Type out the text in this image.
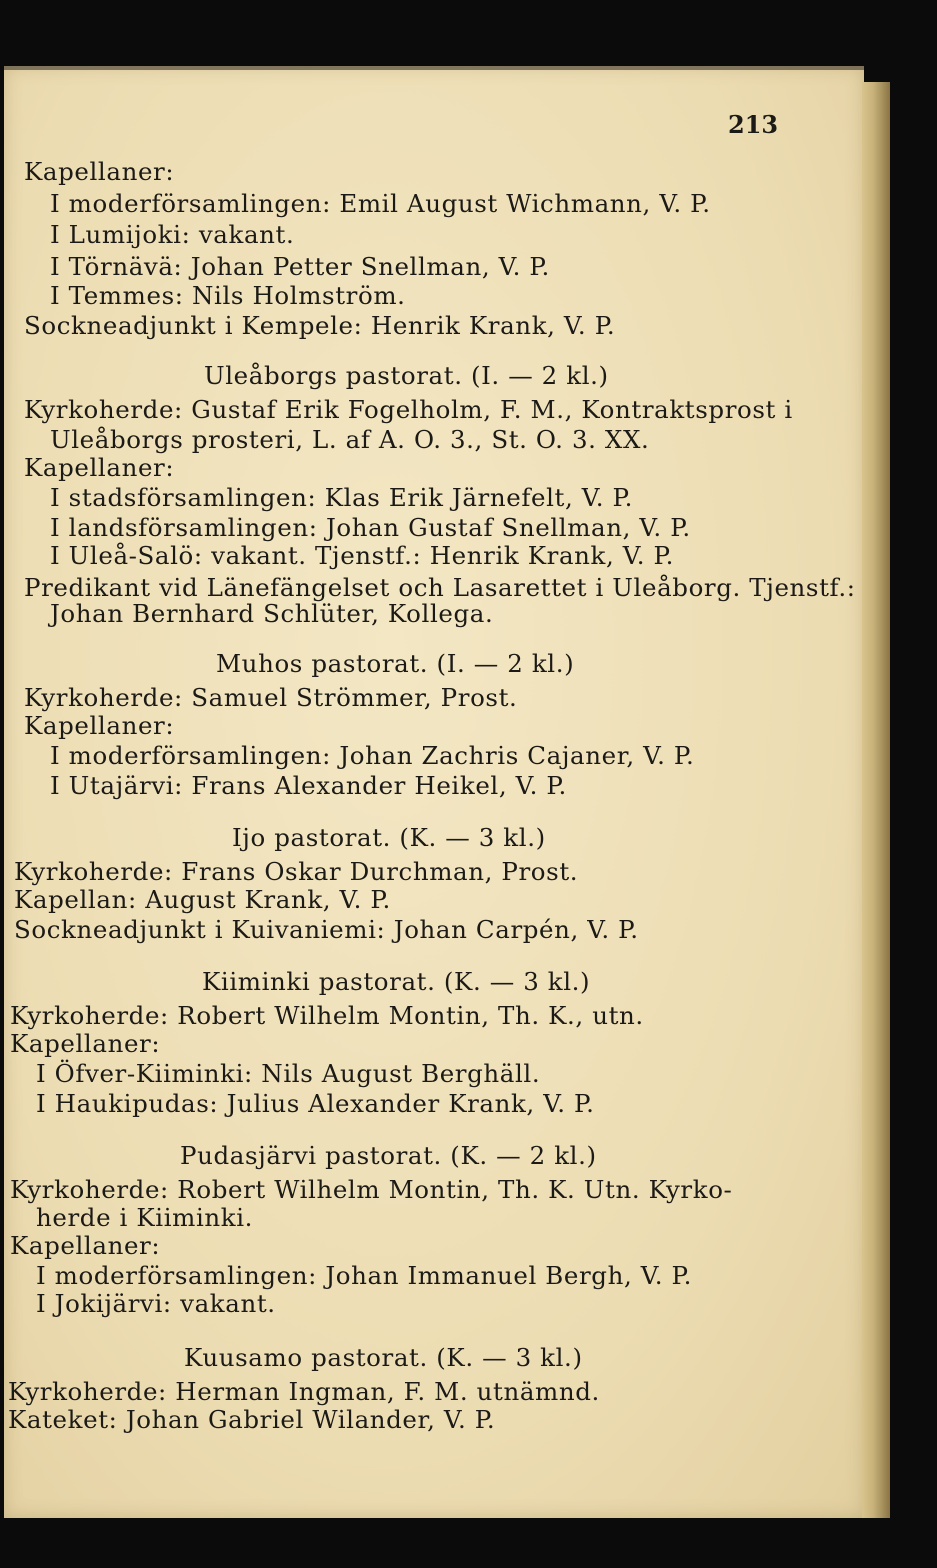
213
Kapellaner:
I moderförsamlingen: Emil August Wichmann, V. P.
I Lumijoki: vakant.
I Törnävä: Johan Petter Snellman, V. P.
I Temmes: Nils Holmström.
Sockneadjunkt i Kempele: Henrik Krank, V. P.
Uleåborgs pastorat. (I. — 2 kl.)
Kyrkoherde: Gustaf Erik Fogelholm, F. M., Kontraktsprost i
Uleåborgs prosteri, L. af A. O. 3., St. O. 3. XX.
Kapellaner:
I stadsförsamlingen: Klas Erik Järnefelt, V. P.
I landsförsamlingen: Johan Gustaf Snellman, V. P.
I Uleå-Salö: vakant. Tjenstf.: Henrik Krank, V. P.
Predikant vid Länefängelset och Lasarettet i Uleåborg. Tjenstf.:
Johan Bernhard Schlüter, Kollega.
Muhos pastorat. (I. — 2 kl.)
Kyrkoherde: Samuel Strömmer, Prost.
Kapellaner:
I moderförsamlingen: Johan Zachris Cajaner, V. P.
I Utajärvi: Frans Alexander Heikel, V. P.
Ijo pastorat. (K. — 3 kl.)
Kyrkoherde: Frans Oskar Durchman, Prost.
Kapellan: August Krank, V. P.
Sockneadjunkt i Kuivaniemi: Johan Carpén, V. P.
Kiiminki pastorat. (K. — 3 kl.)
Kyrkoherde: Robert Wilhelm Montin, Th. K., utn.
Kapellaner:
I Öfver-Kiiminki: Nils August Berghäll.
I Haukipudas: Julius Alexander Krank, V. P.
Pudasjärvi pastorat. (K. — 2 kl.)
Kyrkoherde: Robert Wilhelm Montin, Th. K. Utn. Kyrko-
herde i Kiiminki.
Kapellaner:
I moderförsamlingen: Johan Immanuel Bergh, V. P.
I Jokijärvi: vakant.
Kuusamo pastorat. (K. — 3 kl.)
Kyrkoherde: Herman Ingman, F. M. utnämnd.
Kateket: Johan Gabriel Wilander, V. P.
